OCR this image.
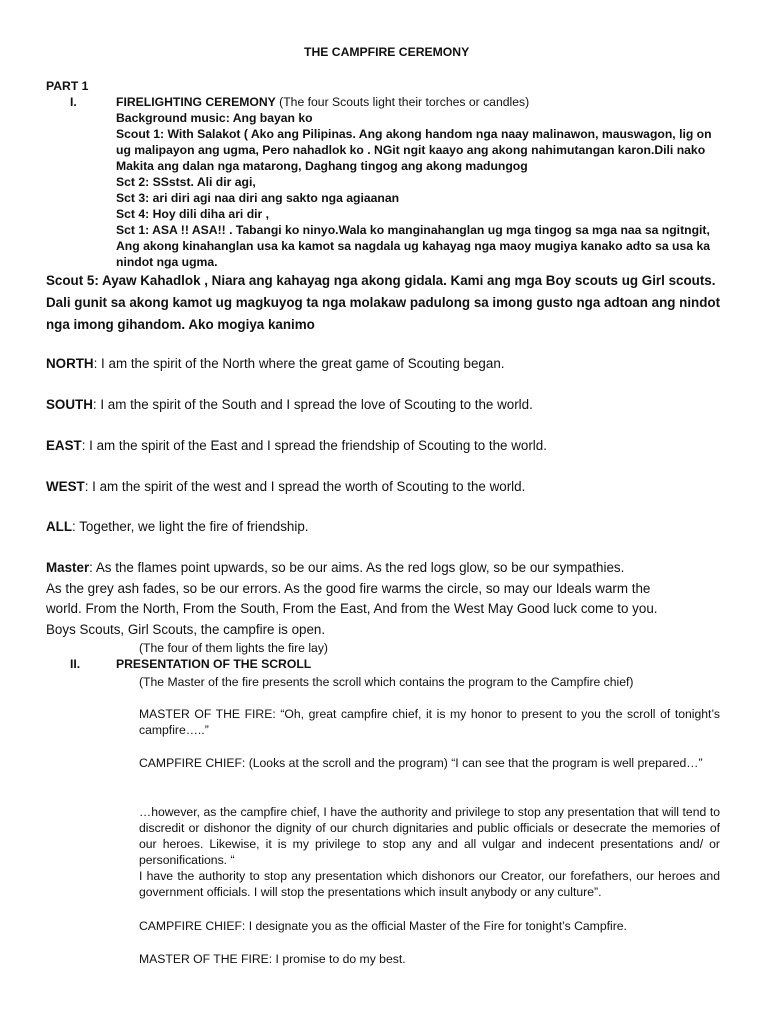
THE CAMPFIRE CEREMONY

PART 1

I.	FIRELIGHTING CEREMONY (The four Scouts light their torches or candles)

Background music: Ang bayan ko

Scout 1: With Salakot ( Ako ang Pilipinas. Ang akong handom nga naay malinawon, mauswagon, lig on

ug malipayon ang ugma, Pero nahadlok ko . NGit ngit kaayo ang akong nahimutangan karon.Dili nako

Makita ang dalan nga matarong, Daghang tingog ang akong madungog

Sct 2: SSstst. Ali dir agi,

Sct 3: ari diri agi naa diri ang sakto nga agiaanan

Sct 4: Hoy dili diha ari dir ,

Sct 1: ASA !! ASA!! . Tabangi ko ninyo.Wala ko manginahanglan ug mga tingog sa mga naa sa ngitngit,

Ang akong kinahanglan usa ka kamot sa nagdala ug kahayag nga maoy mugiya kanako adto sa usa ka

nindot nga ugma.

Scout 5: Ayaw Kahadlok , Niara ang kahayag nga akong gidala. Kami ang mga Boy scouts ug Girl scouts.

Dali gunit sa akong kamot ug magkuyog ta nga molakaw padulong sa imong gusto nga adtoan ang nindot

nga imong gihandom. Ako mogiya kanimo

NORTH: I am the spirit of the North where the great game of Scouting began.

SOUTH: I am the spirit of the South and I spread the love of Scouting to the world.

EAST: I am the spirit of the East and I spread the friendship of Scouting to the world.

WEST: I am the spirit of the west and I spread the worth of Scouting to the world.

ALL: Together, we light the fire of friendship.

Master: As the flames point upwards, so be our aims. As the red logs glow, so be our sympathies.

As the grey ash fades, so be our errors. As the good fire warms the circle, so may our Ideals warm the

world. From the North, From the South, From the East, And from the West May Good luck come to you.

Boys Scouts, Girl Scouts, the campfire is open.

(The four of them lights the fire lay)

II.	PRESENTATION OF THE SCROLL

(The Master of the fire presents the scroll which contains the program to the Campfire chief)

MASTER OF THE FIRE: “Oh, great campfire chief, it is my honor to present to you the scroll of tonight’s campfire…..”

CAMPFIRE CHIEF: (Looks at the scroll and the program) “I can see that the program is well prepared…”

…however, as the campfire chief, I have the authority and privilege to stop any presentation that will tend to discredit or dishonor the dignity of our church dignitaries and public officials or desecrate the memories of our heroes. Likewise, it is my privilege to stop any and all vulgar and indecent presentations and/ or personifications. “

I have the authority to stop any presentation which dishonors our Creator, our forefathers, our heroes and government officials. I will stop the presentations which insult anybody or any culture”.

CAMPFIRE CHIEF: I designate you as the official Master of the Fire for tonight’s Campfire.

MASTER OF THE FIRE: I promise to do my best.
